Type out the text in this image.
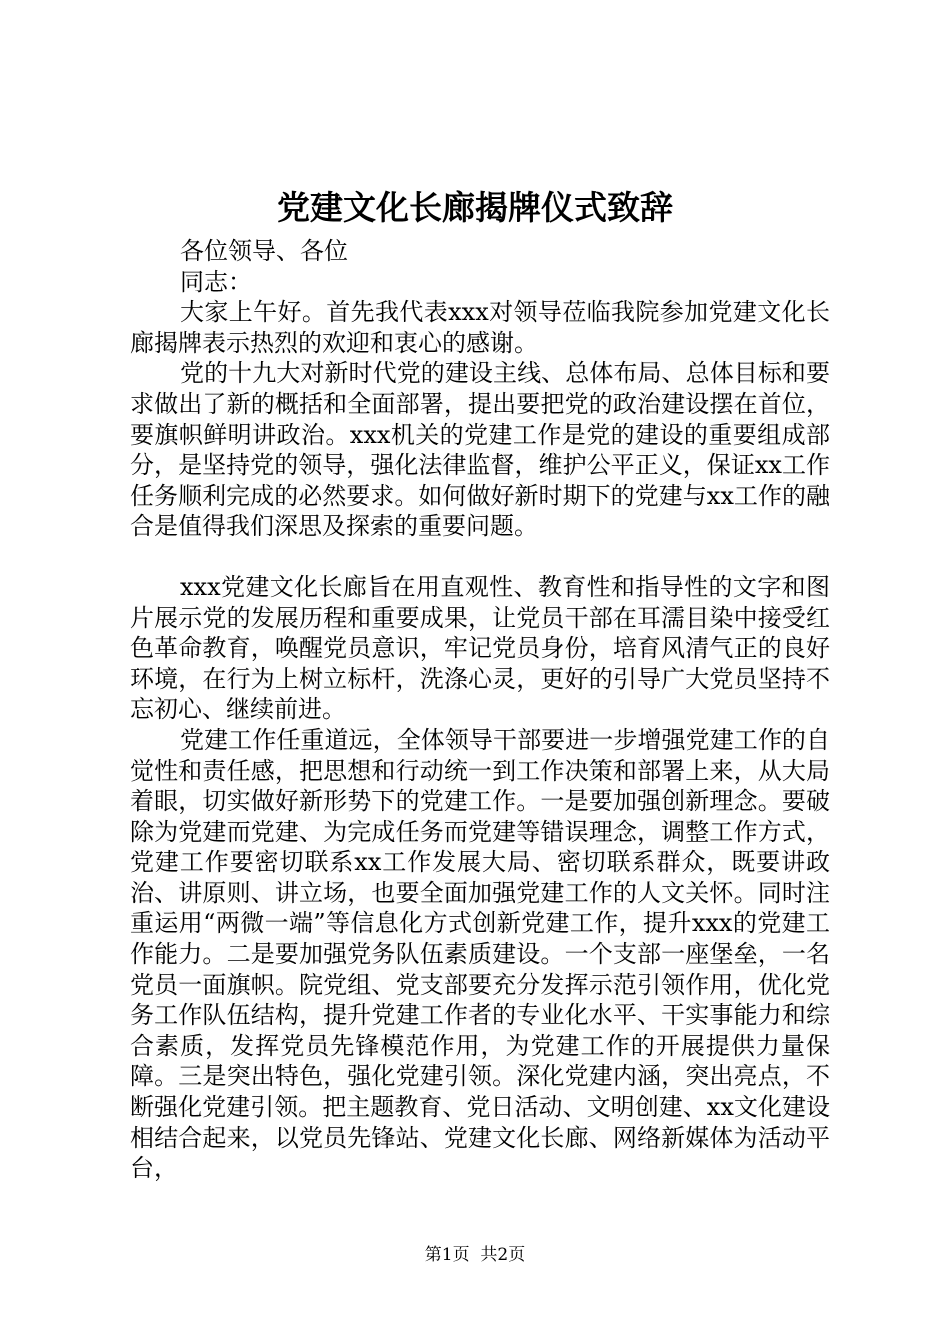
党建文化长廊揭牌仪式致辞

各位领导、各位

同志：

大家上午好。首先我代表xxx对领导莅临我院参加党建文化长廊揭牌表示热烈的欢迎和衷心的感谢。

党的十九大对新时代党的建设主线、总体布局、总体目标和要求做出了新的概括和全面部署，提出要把党的政治建设摆在首位，要旗帜鲜明讲政治。xxx机关的党建工作是党的建设的重要组成部分，是坚持党的领导，强化法律监督，维护公平正义，保证xx工作任务顺利完成的必然要求。如何做好新时期下的党建与xx工作的融合是值得我们深思及探索的重要问题。

xxx党建文化长廊旨在用直观性、教育性和指导性的文字和图片展示党的发展历程和重要成果，让党员干部在耳濡目染中接受红色革命教育，唤醒党员意识，牢记党员身份，培育风清气正的良好环境，在行为上树立标杆，洗涤心灵，更好的引导广大党员坚持不忘初心、继续前进。

党建工作任重道远，全体领导干部要进一步增强党建工作的自觉性和责任感，把思想和行动统一到工作决策和部署上来，从大局着眼，切实做好新形势下的党建工作。一是要加强创新理念。要破除为党建而党建、为完成任务而党建等错误理念，调整工作方式，党建工作要密切联系xx工作发展大局、密切联系群众，既要讲政治、讲原则、讲立场，也要全面加强党建工作的人文关怀。同时注重运用“两微一端”等信息化方式创新党建工作，提升xxx的党建工作能力。二是要加强党务队伍素质建设。一个支部一座堡垒，一名党员一面旗帜。院党组、党支部要充分发挥示范引领作用，优化党务工作队伍结构，提升党建工作者的专业化水平、干实事能力和综合素质，发挥党员先锋模范作用，为党建工作的开展提供力量保障。三是突出特色，强化党建引领。深化党建内涵，突出亮点，不断强化党建引领。把主题教育、党日活动、文明创建、xx文化建设相结合起来，以党员先锋站、党建文化长廊、网络新媒体为活动平台，

第1页  共2页
